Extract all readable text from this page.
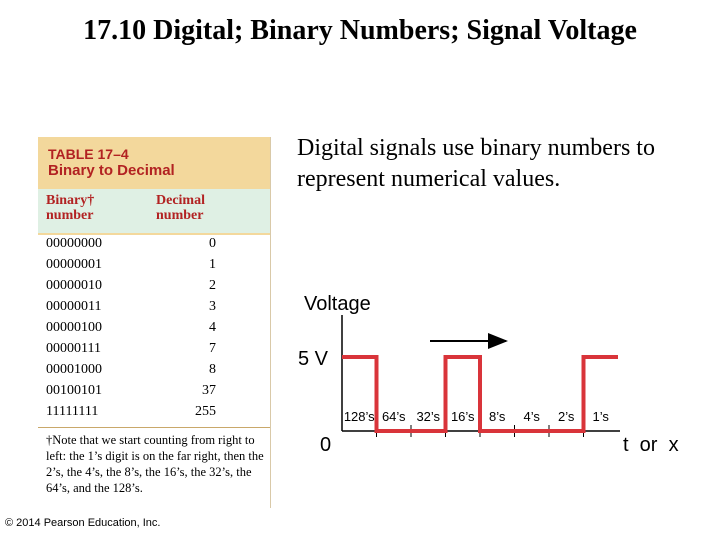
17.10 Digital; Binary Numbers; Signal Voltage
TABLE 17–4
Binary to Decimal
Binary†
number
Decimal
number
00000000	0
00000001	1
00000010	2
00000011	3
00000100	4
00000111	7
00001000	8
00100101	37
11111111	255
†Note that we start counting from right to left: the 1’s digit is on the far right, then the 2’s, the 4’s, the 8’s, the 16’s, the 32’s, the 64’s, and the 128’s.
Digital signals use binary numbers to represent numerical values.
Voltage
5 V
0	t  or  x
128’s 64’s 32’s 16’s 8’s 4’s 2’s 1’s
© 2014 Pearson Education, Inc.
